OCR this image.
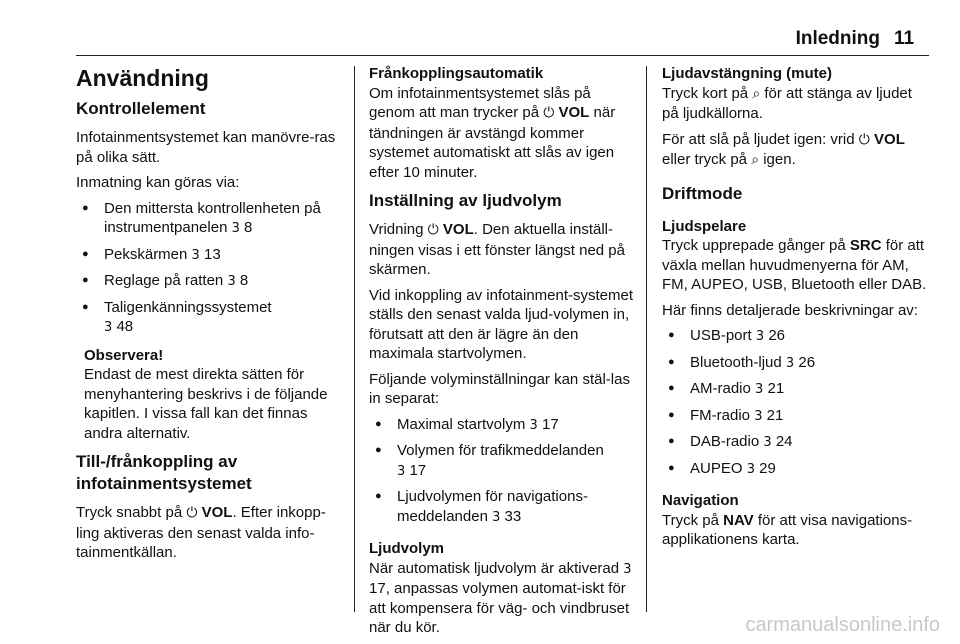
Inledning 11
Användning
Kontrollelement

Infotainmentsystemet kan manövre-ras på olika sätt.

Inmatning kan göras via:

● Den mittersta kontrollenheten på instrumentpanelen 3 8
● Pekskärmen 3 13
● Reglage på ratten 3 8
● Taligenkänningssystemet
3 48
Observera!
Endast de mest direkta sätten för menyhantering beskrivs i de följande kapitlen. I vissa fall kan det finnas andra alternativ.
Till-/frånkoppling av infotainmentsystemet

Tryck snabbt på ⏻ VOL. Efter inkopp-ling aktiveras den senast valda info-tainmentkällan.

Frånkopplingsautomatik

Om infotainmentsystemet slås på genom att man trycker på ⏻ VOL när tändningen är avstängd kommer systemet automatiskt att slås av igen efter 10 minuter.

Inställning av ljudvolym

Vridning ⏻ VOL. Den aktuella inställ-ningen visas i ett fönster längst ned på skärmen.

Vid inkoppling av infotainment-systemet ställs den senast valda ljud-volymen in, förutsatt att den är lägre än den maximala startvolymen.

Följande volyminställningar kan stäl-las in separat:

● Maximal startvolym 3 17
● Volymen för trafikmeddelanden
3 17
● Ljudvolymen för navigations-meddelanden 3 33
Ljudvolym

När automatisk ljudvolym är aktiverad 3 17, anpassas volymen automat-iskt för att kompensera för väg- och vindbruset när du kör.

Ljudavstängning (mute)

Tryck kort på ⌕ för att stänga av ljudet på ljudkällorna.

För att slå på ljudet igen: vrid ⏻ VOL eller tryck på ⌕ igen.

Driftmode
Ljudspelare

Tryck upprepade gånger på SRC för att växla mellan huvudmenyerna för AM, FM, AUPEO, USB, Bluetooth eller DAB.

Här finns detaljerade beskrivningar av:

● USB-port 3 26
● Bluetooth-ljud 3 26
● AM-radio 3 21
● FM-radio 3 21
● DAB-radio 3 24
● AUPEO 3 29
Navigation

Tryck på NAV för att visa navigations-applikationens karta.

carmanualsonline.info
